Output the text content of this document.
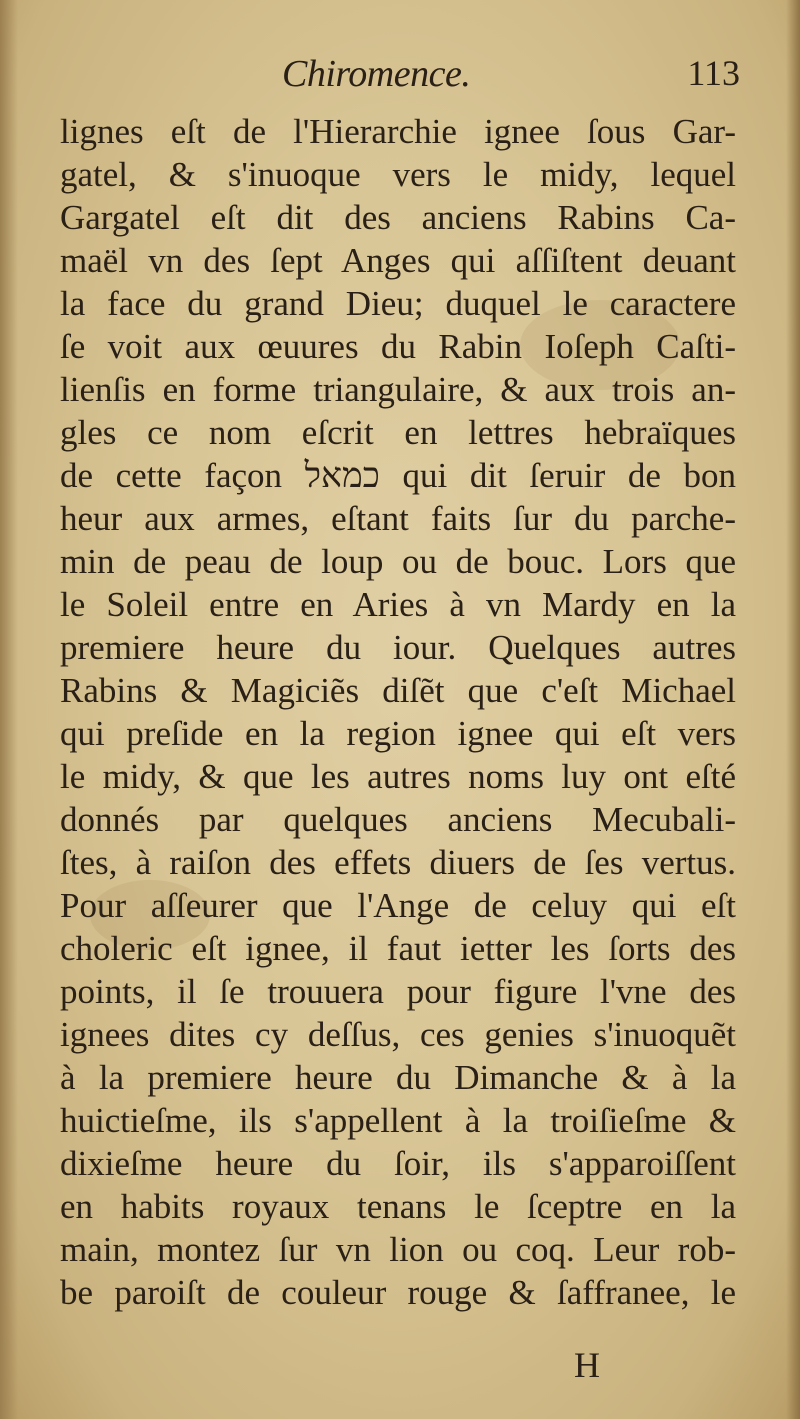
Chiromence.	113
lignes eſt de l'Hierarchie ignee ſous Gar-
gatel, & s'inuoque vers le midy, lequel
Gargatel eſt dit des anciens Rabins Ca-
maël vn des ſept Anges qui aſſiſtent deuant
la face du grand Dieu; duquel le caractere
ſe voit aux œuures du Rabin Ioſeph Caſti-
lienſis en forme triangulaire, & aux trois an-
gles ce nom eſcrit en lettres hebraïques
de cette façon כמאל qui dit ſeruir de bon
heur aux armes, eſtant faits ſur du parche-
min de peau de loup ou de bouc. Lors que
le Soleil entre en Aries à vn Mardy en la
premiere heure du iour. Quelques autres
Rabins & Magiciẽs diſẽt que c'eſt Michael
qui preſide en la region ignee qui eſt vers
le midy, & que les autres noms luy ont eſté
donnés par quelques anciens Mecubali-
ſtes, à raiſon des effets diuers de ſes vertus.
Pour aſſeurer que l'Ange de celuy qui eſt
choleric eſt ignee, il faut ietter les ſorts des
points, il ſe trouuera pour figure l'vne des
ignees dites cy deſſus, ces genies s'inuoquẽt
à la premiere heure du Dimanche & à la
huictieſme, ils s'appellent à la troiſieſme &
dixieſme heure du ſoir, ils s'apparoiſſent
en habits royaux tenans le ſceptre en la
main, montez ſur vn lion ou coq. Leur rob-
be paroiſt de couleur rouge & ſaffranee, le
H
